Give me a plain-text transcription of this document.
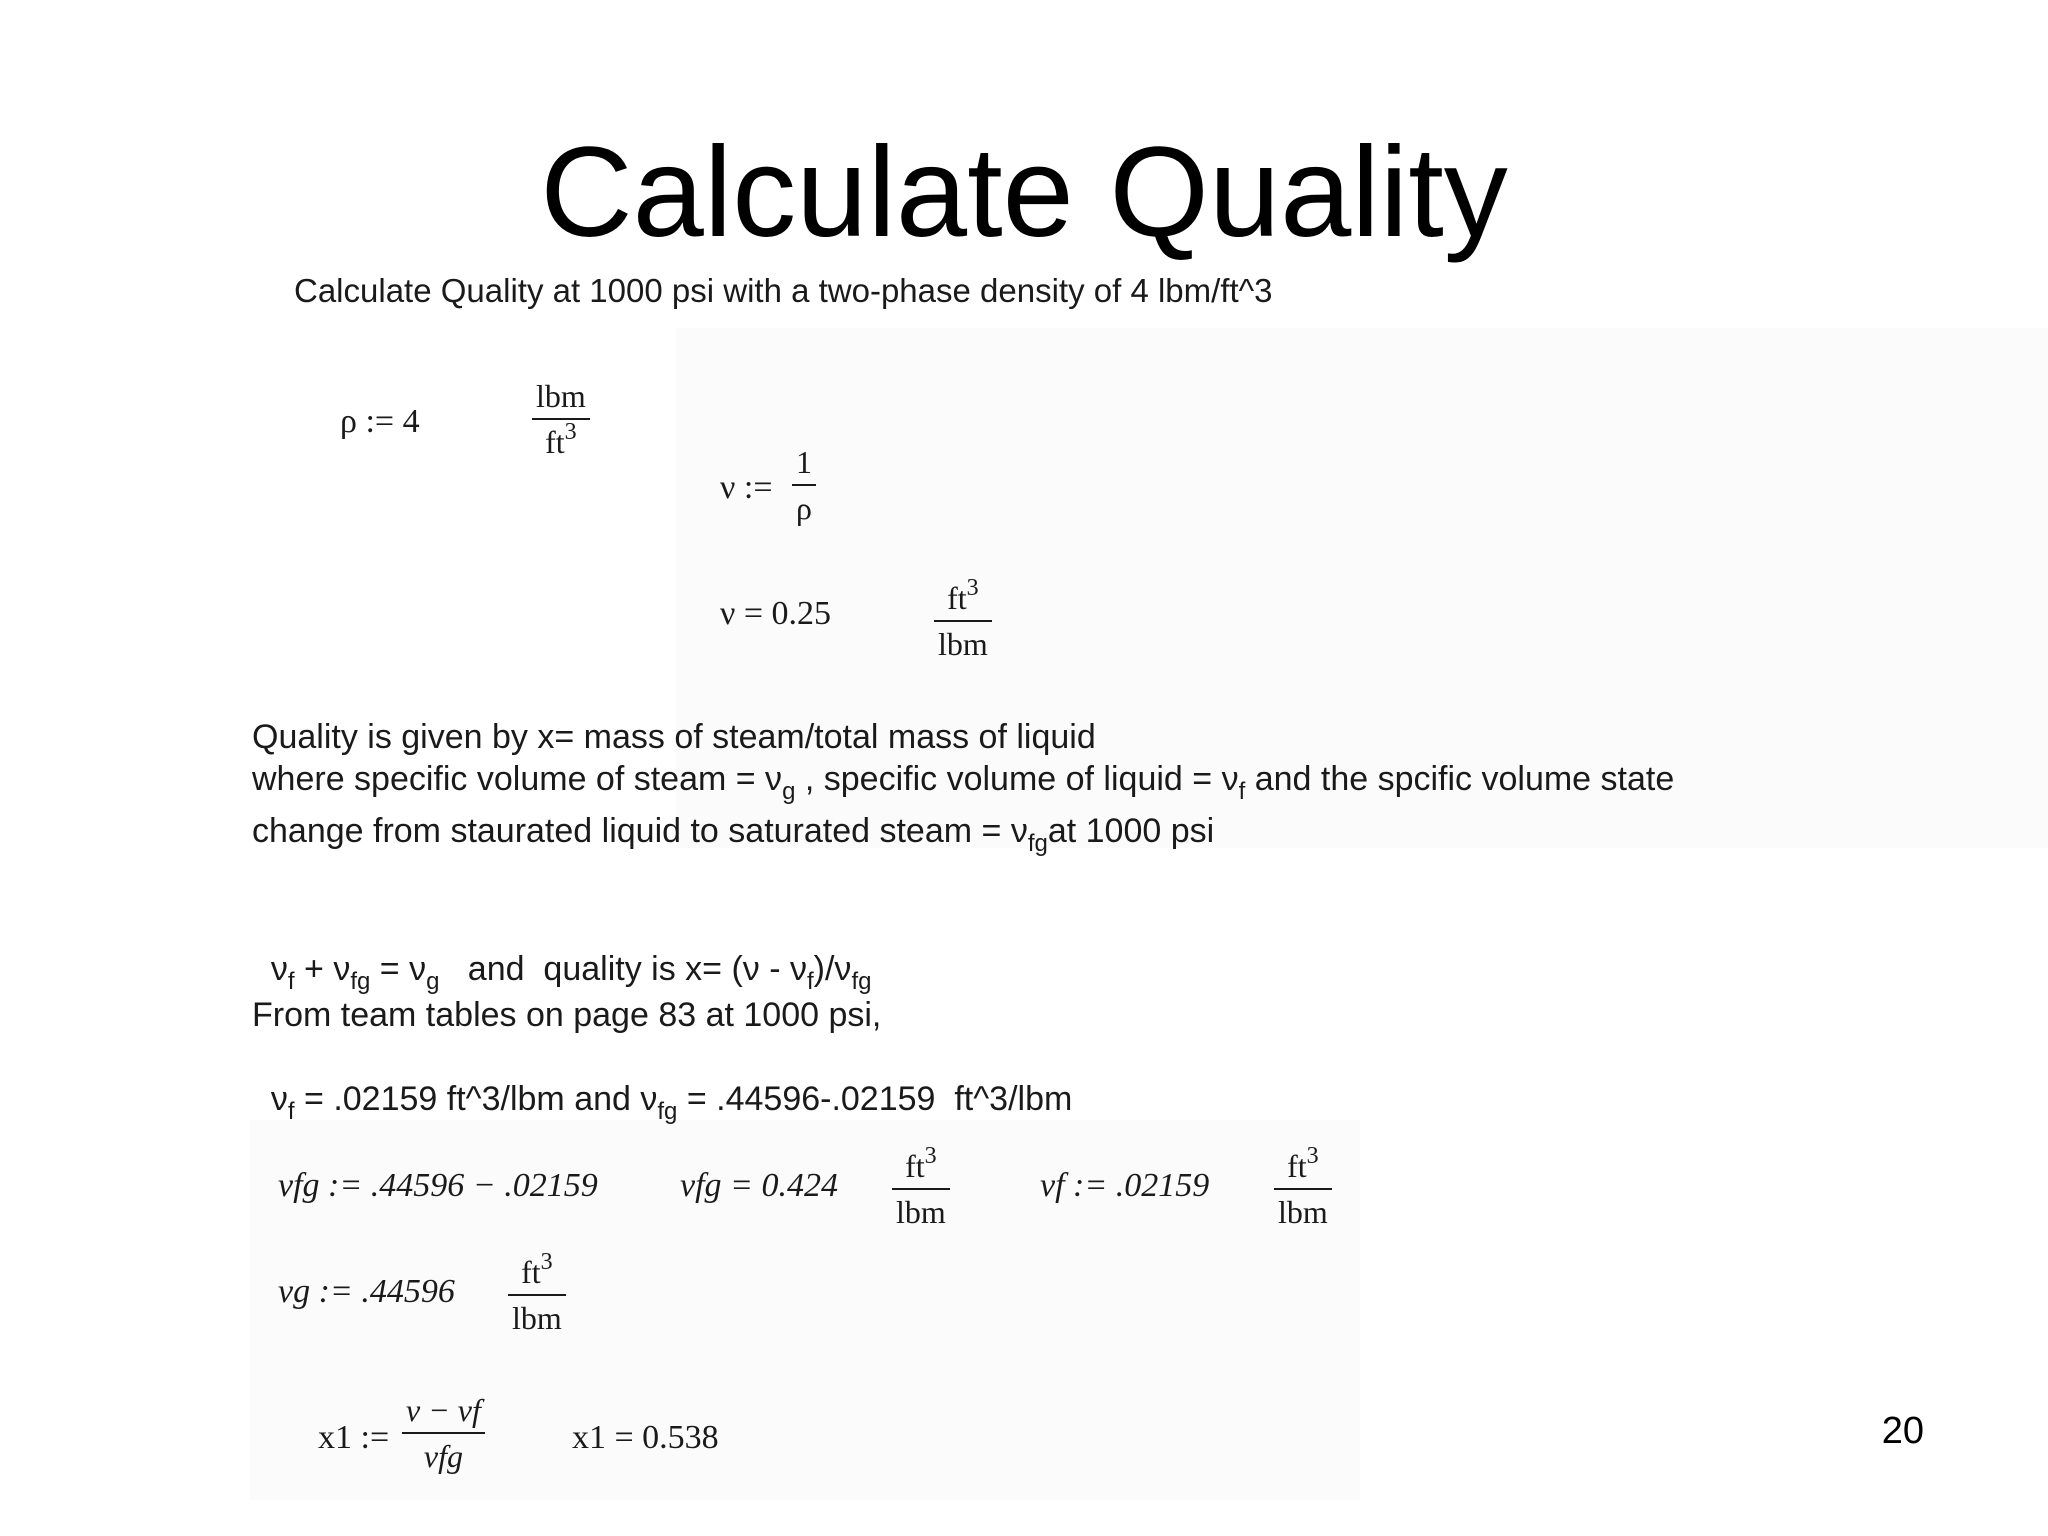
Calculate Quality
Calculate Quality at 1000 psi with a two-phase density of 4 lbm/ft^3
ρ := 4
lbm
$ft^3$
ν :=
1
ρ
ν = 0.25	$ft^3$
lbm
Quality is given by x= mass of steam/total mass of liquid
where specific volume of steam = $\nu_g$ , specific volume of liquid = $\nu_f$ and the spcific volume state
change from staurated liquid to saturated steam = $\nu_{fg}at$ 1000 psi

$\nu_f + \nu_{fg} = \nu_g$   and  quality is $x= (\nu - \nu_f)/\nu_{fg}$

From team tables on page 83 at 1000 psi,

$\nu_f = .02159$ ft^3/lbm and $\nu_{fg} = .44596-.02159$  ft^3/lbm

νfg := .44596 − .02159 νfg = 0.424
$ft^3$
lbm
νf := .02159
$ft^3$
lbm
νg := .44596
$ft^3$
lbm
x1 :=
ν − νf
νfg	x1 = 0.538	20
